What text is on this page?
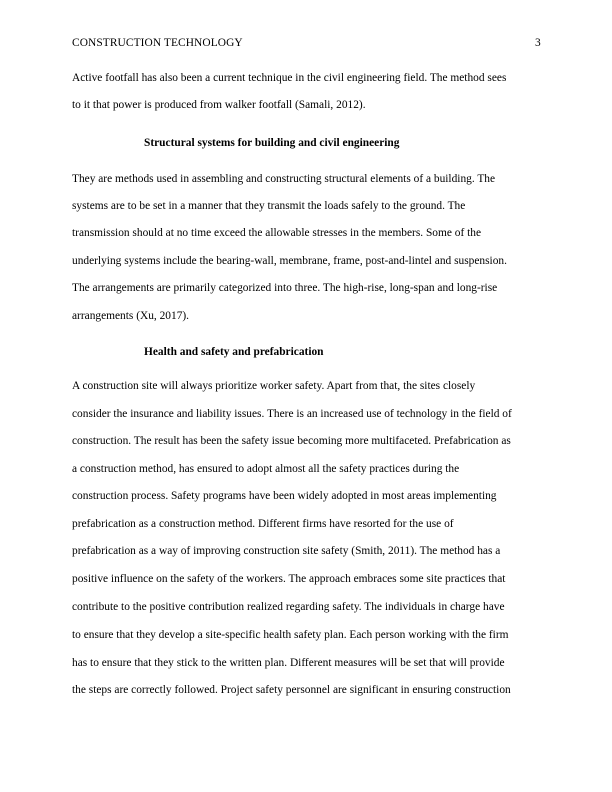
CONSTRUCTION TECHNOLOGY	3
Active footfall has also been a current technique in the civil engineering field. The method sees
to it that power is produced from walker footfall (Samali, 2012).
Structural systems for building and civil engineering
They are methods used in assembling and constructing structural elements of a building. The
systems are to be set in a manner that they transmit the loads safely to the ground. The
transmission should at no time exceed the allowable stresses in the members. Some of the
underlying systems include the bearing-wall, membrane, frame, post-and-lintel and suspension.
The arrangements are primarily categorized into three. The high-rise, long-span and long-rise
arrangements (Xu, 2017).
Health and safety and prefabrication
A construction site will always prioritize worker safety. Apart from that, the sites closely
consider the insurance and liability issues. There is an increased use of technology in the field of
construction. The result has been the safety issue becoming more multifaceted. Prefabrication as
a construction method, has ensured to adopt almost all the safety practices during the
construction process. Safety programs have been widely adopted in most areas implementing
prefabrication as a construction method. Different firms have resorted for the use of
prefabrication as a way of improving construction site safety (Smith, 2011). The method has a
positive influence on the safety of the workers. The approach embraces some site practices that
contribute to the positive contribution realized regarding safety. The individuals in charge have
to ensure that they develop a site-specific health safety plan. Each person working with the firm
has to ensure that they stick to the written plan. Different measures will be set that will provide
the steps are correctly followed. Project safety personnel are significant in ensuring construction
